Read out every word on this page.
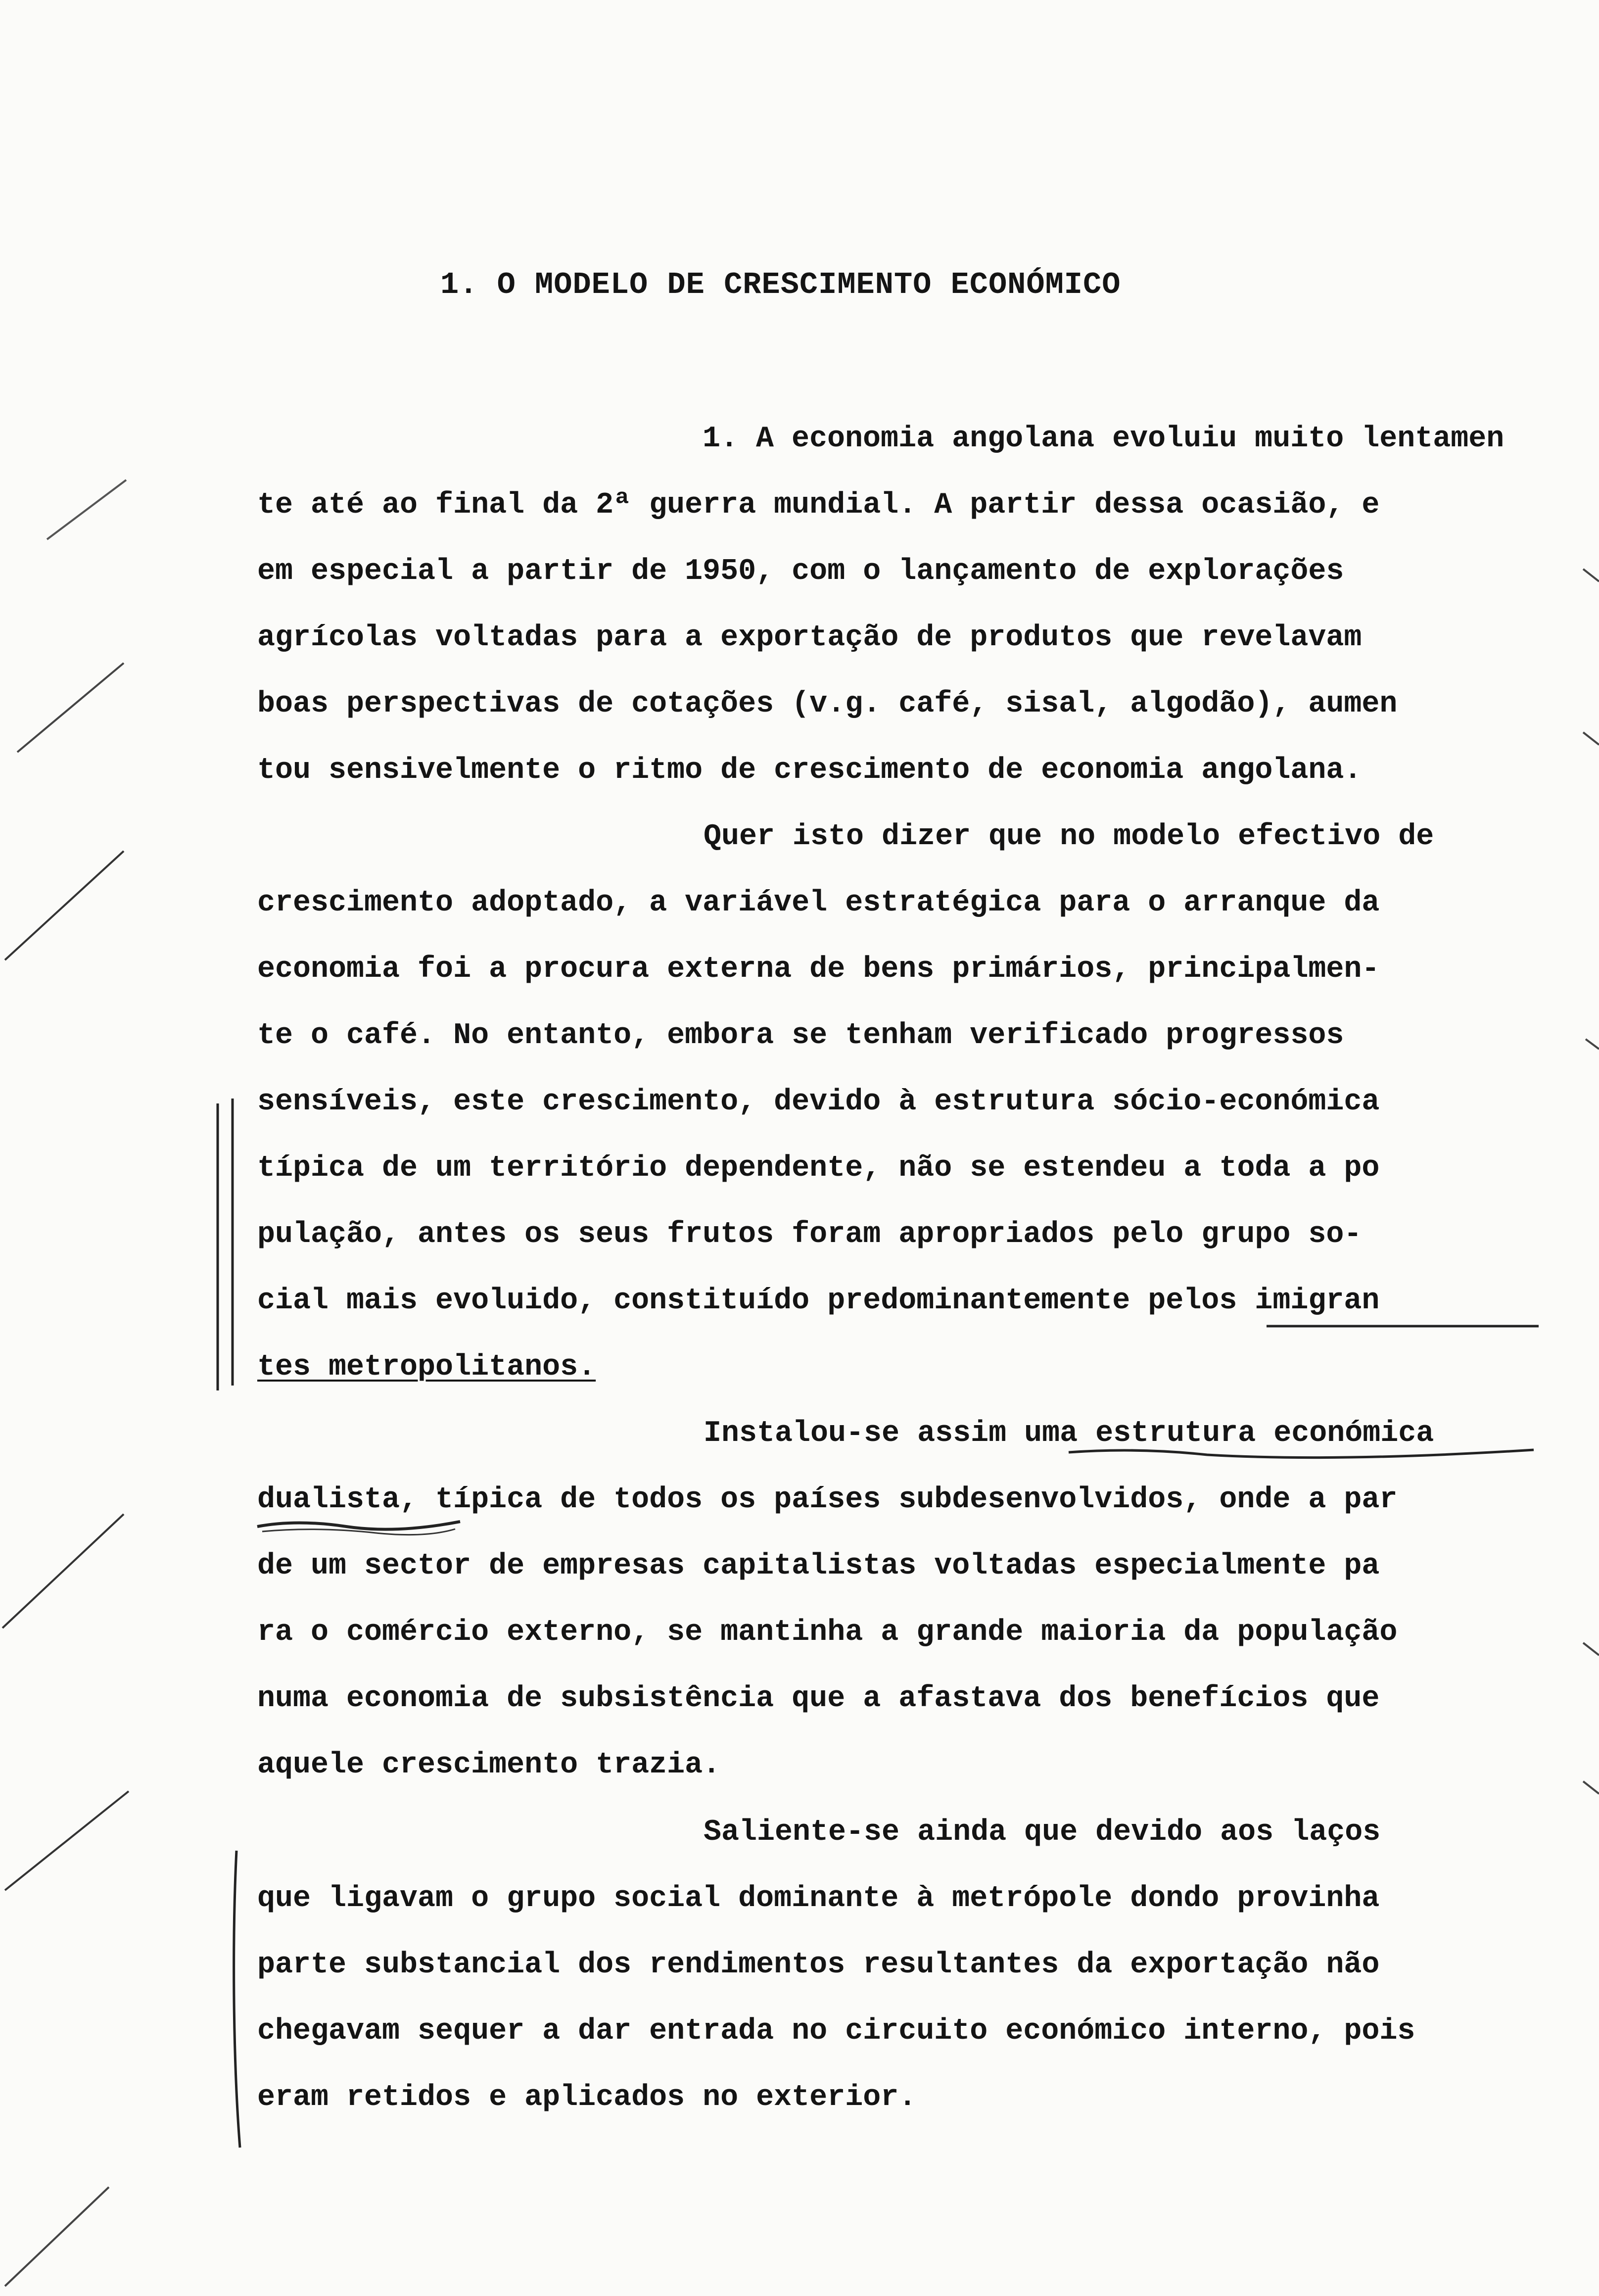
1. O MODELO DE CRESCIMENTO ECONÓMICO
1. A economia angolana evoluiu muito lentamen
te até ao final da 2ª guerra mundial. A partir dessa ocasião, e
em especial a partir de 1950, com o lançamento de explorações
agrícolas voltadas para a exportação de produtos que revelavam
boas perspectivas de cotações (v.g. café, sisal, algodão), aumen
tou sensivelmente o ritmo de crescimento de economia angolana.
Quer isto dizer que no modelo efectivo de
crescimento adoptado, a variável estratégica para o arranque da
economia foi a procura externa de bens primários, principalmen-
te o café. No entanto, embora se tenham verificado progressos
sensíveis, este crescimento, devido à estrutura sócio-económica
típica de um território dependente, não se estendeu a toda a po
pulação, antes os seus frutos foram apropriados pelo grupo so-
cial mais evoluido, constituído predominantemente pelos imigran
tes metropolitanos.
Instalou-se assim uma estrutura económica
dualista, típica de todos os países subdesenvolvidos, onde a par
de um sector de empresas capitalistas voltadas especialmente pa
ra o comércio externo, se mantinha a grande maioria da população
numa economia de subsistência que a afastava dos benefícios que
aquele crescimento trazia.
Saliente-se ainda que devido aos laços
que ligavam o grupo social dominante à metrópole dondo provinha
parte substancial dos rendimentos resultantes da exportação não
chegavam sequer a dar entrada no circuito económico interno, pois
eram retidos e aplicados no exterior.
